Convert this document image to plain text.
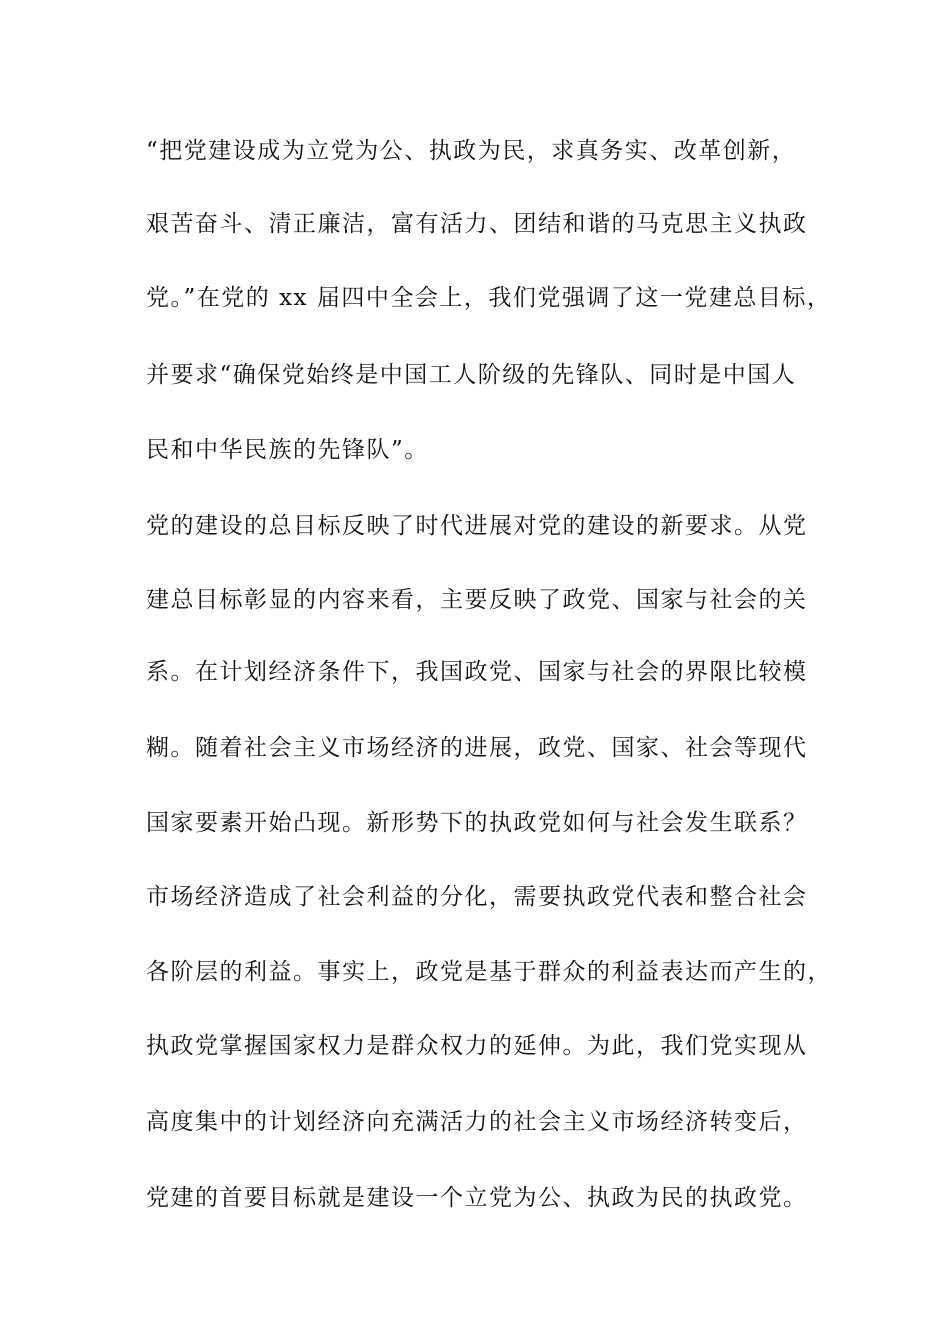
“把党建设成为立党为公、执政为民，求真务实、改革创新，
艰苦奋斗、清正廉洁，富有活力、团结和谐的马克思主义执政
党。”在党的 xx 届四中全会上，我们党强调了这一党建总目标，
并要求“确保党始终是中国工人阶级的先锋队、同时是中国人
民和中华民族的先锋队”。
党的建设的总目标反映了时代进展对党的建设的新要求。从党
建总目标彰显的内容来看，主要反映了政党、国家与社会的关
系。在计划经济条件下，我国政党、国家与社会的界限比较模
糊。随着社会主义市场经济的进展，政党、国家、社会等现代
国家要素开始凸现。新形势下的执政党如何与社会发生联系？
市场经济造成了社会利益的分化，需要执政党代表和整合社会
各阶层的利益。事实上，政党是基于群众的利益表达而产生的，
执政党掌握国家权力是群众权力的延伸。为此，我们党实现从
高度集中的计划经济向充满活力的社会主义市场经济转变后，
党建的首要目标就是建设一个立党为公、执政为民的执政党。
